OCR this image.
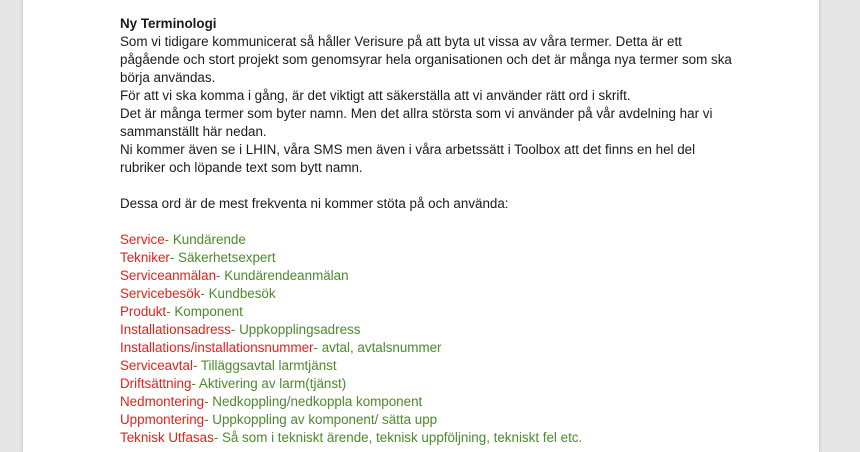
Ny Terminologi

Som vi tidigare kommunicerat så håller Verisure på att byta ut vissa av våra termer. Detta är ett pågående och stort projekt som genomsyrar hela organisationen och det är många nya termer som ska börja användas.

För att vi ska komma i gång, är det viktigt att säkerställa att vi använder rätt ord i skrift.

Det är många termer som byter namn. Men det allra största som vi använder på vår avdelning har vi sammanställt här nedan.

Ni kommer även se i LHIN, våra SMS men även i våra arbetssätt i Toolbox att det finns en hel del rubriker och löpande text som bytt namn.

Dessa ord är de mest frekventa ni kommer stöta på och använda:

Service- Kundärende
Tekniker- Säkerhetsexpert
Serviceanmälan- Kundärendeanmälan
Servicebesök- Kundbesök
Produkt- Komponent
Installationsadress- Uppkopplingsadress
Installations/installationsnummer- avtal, avtalsnummer
Serviceavtal- Tilläggsavtal larmtjänst
Driftsättning- Aktivering av larm(tjänst)
Nedmontering- Nedkoppling/nedkoppla komponent
Uppmontering- Uppkoppling av komponent/ sätta upp
Teknisk Utfasas- Så som i tekniskt ärende, teknisk uppföljning, tekniskt fel etc.
